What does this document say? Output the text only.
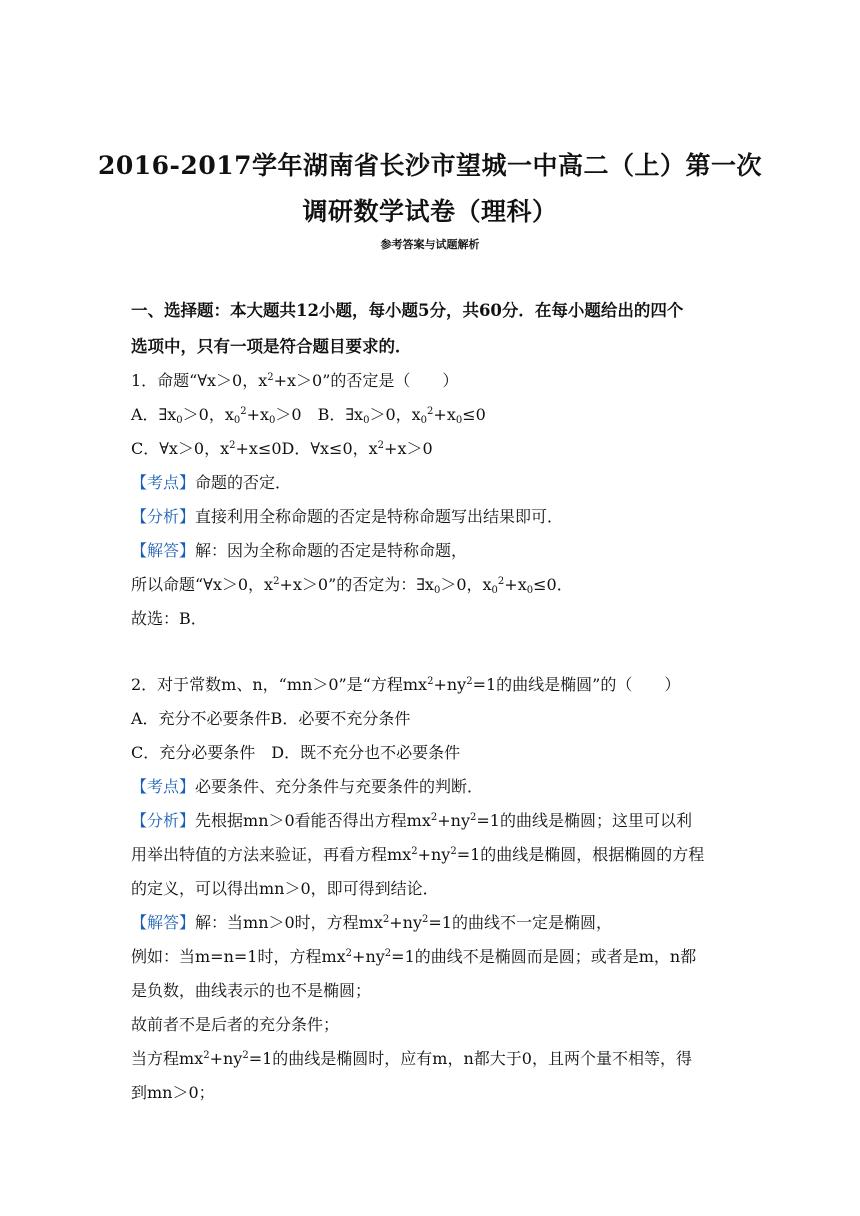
2016-2017学年湖南省长沙市望城一中高二（上）第一次
调研数学试卷（理科）
参考答案与试题解析
一、选择题：本大题共12小题，每小题5分，共60分．在每小题给出的四个
选项中，只有一项是符合题目要求的．
1．命题“∀x＞0，$x^2+x>0$”的否定是（　　）
A．$\exists x_0>0$，$x_0^2+x_0>0$　B．$\exists x_0>0$，$x_0^2+x_0\le 0$
C．∀x＞0，$x^2+x\le 0D$．∀x≤0，$x^2+x>0$
【考点】命题的否定．
【分析】直接利用全称命题的否定是特称命题写出结果即可．
【解答】解：因为全称命题的否定是特称命题，
所以命题“∀x＞0，$x^2+x>0$”的否定为：$\exists x_0>0$，$x_0^2+x_0\le 0$．
故选：B．
2．对于常数m、n，“mn＞0”是“方程$mx^2+ny^2=1$的曲线是椭圆”的（　　）
A．充分不必要条件B．必要不充分条件
C．充分必要条件　D．既不充分也不必要条件
【考点】必要条件、充分条件与充要条件的判断．
【分析】先根据mn＞0看能否得出方程$mx^2+ny^2=1$的曲线是椭圆；这里可以利
用举出特值的方法来验证，再看方程$mx^2+ny^2=1$的曲线是椭圆，根据椭圆的方程
的定义，可以得出mn＞0，即可得到结论．
【解答】解：当mn＞0时，方程$mx^2+ny^2=1$的曲线不一定是椭圆，
例如：当m=n=1时，方程$mx^2+ny^2=1$的曲线不是椭圆而是圆；或者是m，n都
是负数，曲线表示的也不是椭圆；
故前者不是后者的充分条件；
当方程$mx^2+ny^2=1$的曲线是椭圆时，应有m，n都大于0，且两个量不相等，得
到mn＞0；
